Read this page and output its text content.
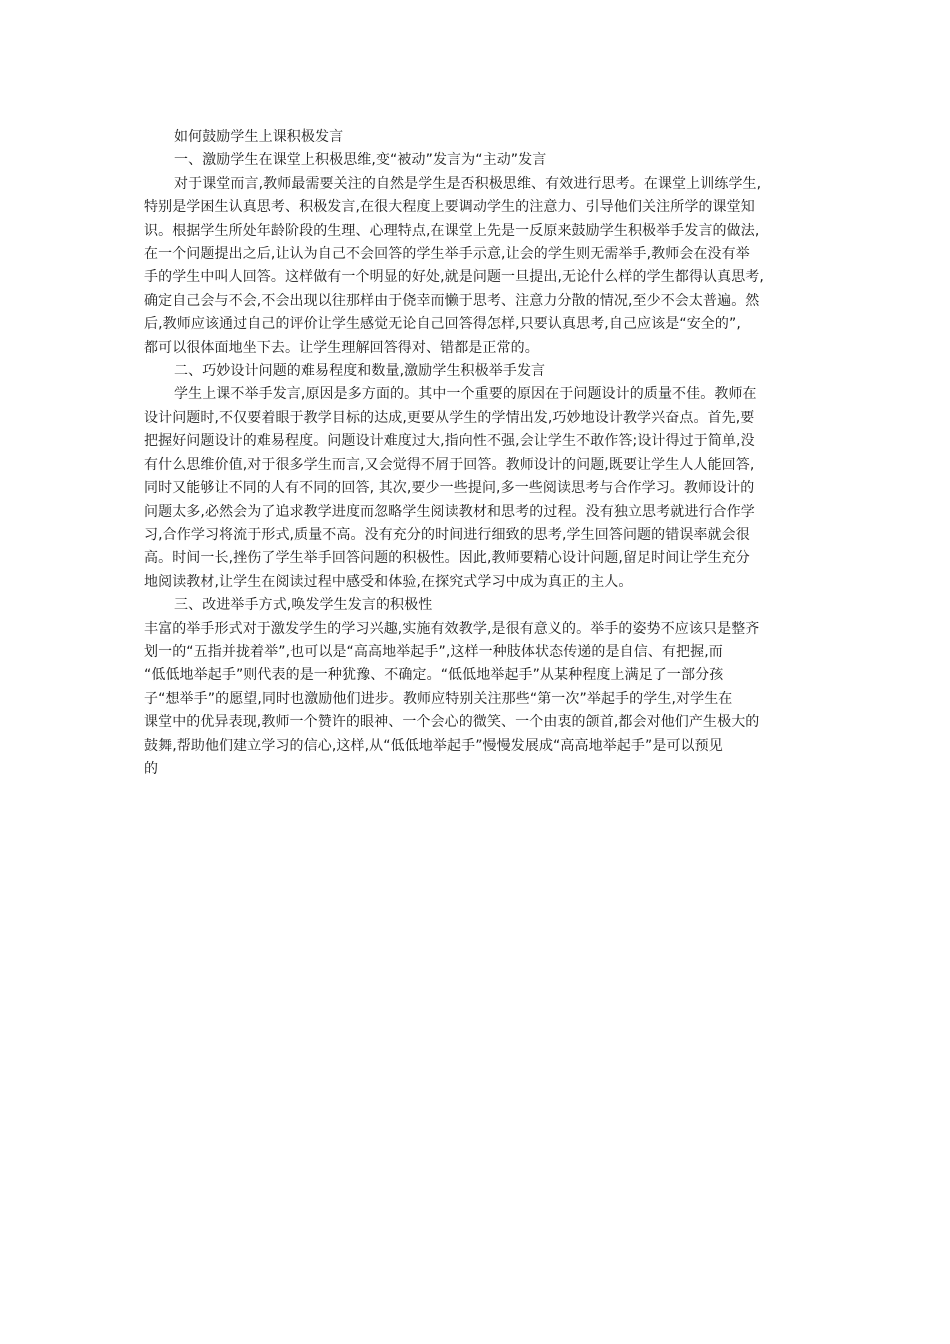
如何鼓励学生上课积极发言
一、激励学生在课堂上积极思维,变“被动”发言为“主动”发言
对于课堂而言,教师最需要关注的自然是学生是否积极思维、有效进行思考。在课堂上训练学生,
特别是学困生认真思考、积极发言,在很大程度上要调动学生的注意力、引导他们关注所学的课堂知
识。根据学生所处年龄阶段的生理、心理特点,在课堂上先是一反原来鼓励学生积极举手发言的做法,
在一个问题提出之后,让认为自己不会回答的学生举手示意,让会的学生则无需举手,教师会在没有举
手的学生中叫人回答。这样做有一个明显的好处,就是问题一旦提出,无论什么样的学生都得认真思考,
确定自己会与不会,不会出现以往那样由于侥幸而懒于思考、注意力分散的情况,至少不会太普遍。然
后,教师应该通过自己的评价让学生感觉无论自己回答得怎样,只要认真思考,自己应该是“安全的”,
都可以很体面地坐下去。让学生理解回答得对、错都是正常的。
二、巧妙设计问题的难易程度和数量,激励学生积极举手发言
学生上课不举手发言,原因是多方面的。其中一个重要的原因在于问题设计的质量不佳。教师在
设计问题时,不仅要着眼于教学目标的达成,更要从学生的学情出发,巧妙地设计教学兴奋点。首先,要
把握好问题设计的难易程度。问题设计难度过大,指向性不强,会让学生不敢作答;设计得过于简单,没
有什么思维价值,对于很多学生而言,又会觉得不屑于回答。教师设计的问题,既要让学生人人能回答,
同时又能够让不同的人有不同的回答, 其次,要少一些提问,多一些阅读思考与合作学习。教师设计的
问题太多,必然会为了追求教学进度而忽略学生阅读教材和思考的过程。没有独立思考就进行合作学
习,合作学习将流于形式,质量不高。没有充分的时间进行细致的思考,学生回答问题的错误率就会很
高。时间一长,挫伤了学生举手回答问题的积极性。因此,教师要精心设计问题,留足时间让学生充分
地阅读教材,让学生在阅读过程中感受和体验,在探究式学习中成为真正的主人。
三、改进举手方式,唤发学生发言的积极性
丰富的举手形式对于激发学生的学习兴趣,实施有效教学,是很有意义的。举手的姿势不应该只是整齐
划一的“五指并拢着举”,也可以是“高高地举起手”,这样一种肢体状态传递的是自信、有把握,而
“低低地举起手”则代表的是一种犹豫、不确定。“低低地举起手”从某种程度上满足了一部分孩
子“想举手”的愿望,同时也激励他们进步。教师应特别关注那些“第一次”举起手的学生,对学生在
课堂中的优异表现,教师一个赞许的眼神、一个会心的微笑、一个由衷的颌首,都会对他们产生极大的
鼓舞,帮助他们建立学习的信心,这样,从“低低地举起手”慢慢发展成“高高地举起手”是可以预见
的
